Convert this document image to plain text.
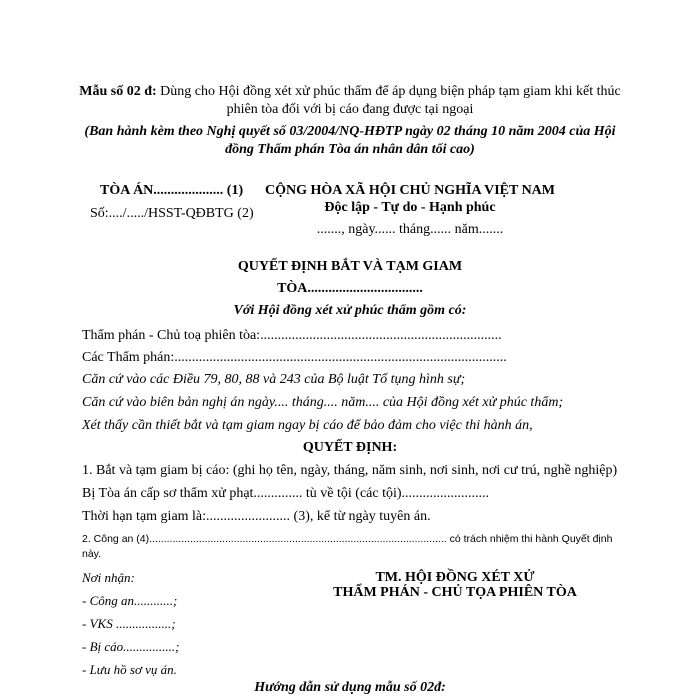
Mẫu số 02 đ: Dùng cho Hội đồng xét xử phúc thẩm để áp dụng biện pháp tạm giam khi kết thúc
phiên tòa đối với bị cáo đang được tại ngoại
(Ban hành kèm theo Nghị quyết số 03/2004/NQ-HĐTP ngày 02 tháng 10 năm 2004 của Hội
đồng Thẩm phán Tòa án nhân dân tối cao)
TÒA ÁN.................... (1)
Số:..../...../HSST-QĐBTG (2)
CỘNG HÒA XÃ HỘI CHỦ NGHĨA VIỆT NAM
Độc lập - Tự do - Hạnh phúc
......., ngày...... tháng...... năm.......
QUYẾT ĐỊNH BẮT VÀ TẠM GIAM
TÒA.................................
Với Hội đồng xét xử phúc thẩm gồm có:
Thẩm phán - Chủ toạ phiên tòa:.....................................................................
Các Thẩm phán:...............................................................................................
Căn cứ vào các Điều 79, 80, 88 và 243 của Bộ luật Tố tụng hình sự;
Căn cứ vào biên bản nghị án ngày.... tháng.... năm.... của Hội đồng xét xử phúc thẩm;
Xét thấy cần thiết bắt và tạm giam ngay bị cáo để bảo đảm cho việc thi hành án,
QUYẾT ĐỊNH:
1. Bắt và tạm giam bị cáo: (ghi họ tên, ngày, tháng, năm sinh, nơi sinh, nơi cư trú, nghề nghiệp)
Bị Tòa án cấp sơ thẩm xử phạt.............. tù về tội (các tội).........................
Thời hạn tạm giam là:........................ (3), kể từ ngày tuyên án.
2. Công an (4)...................................................................................................... có trách nhiệm thi hành Quyết định
này.
Nơi nhận:
- Công an............;
- VKS .................;
- Bị cáo................;
- Lưu hồ sơ vụ án.
TM. HỘI ĐỒNG XÉT XỬ
THẨM PHÁN - CHỦ TỌA PHIÊN TÒA
Hướng dẫn sử dụng mẫu số 02đ:
